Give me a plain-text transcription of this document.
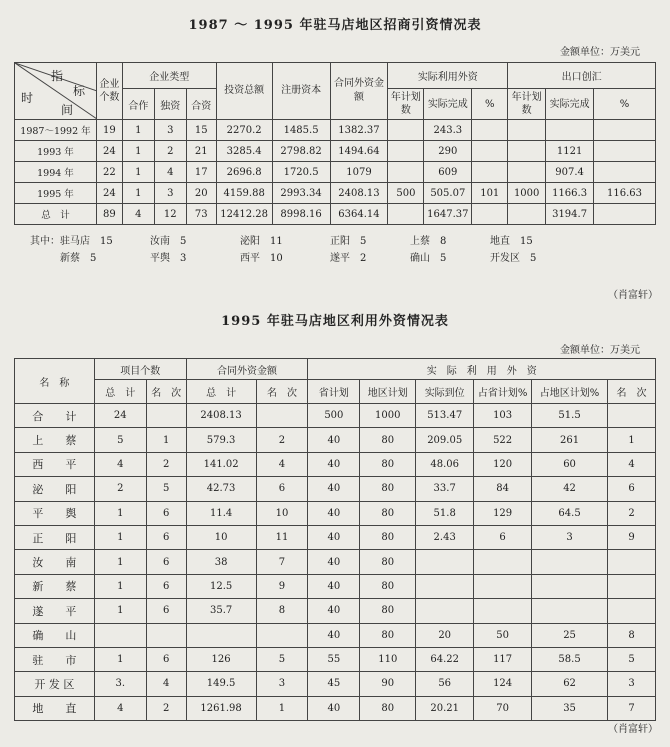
1987 ～ 1995 年驻马店地区招商引资情况表
金额单位：万美元
指
标
时
间	企业个数	企业类型			投资总额	注册资本	合同外资金额	实际利用外资			出口创汇		
		合作	独资	合资				年计划数	实际完成	%	年计划数	实际完成	%
1987～1992 年	19	1	3	15	2270.2	1485.5	1382.37		243.3				
1993 年	24	1	2	21	3285.4	2798.82	1494.64		290			1121	
1994 年	22	1	4	17	2696.8	1720.5	1079		609			907.4	
1995 年	24	1	3	20	4159.88	2993.34	2408.13	500	505.07	101	1000	1166.3	116.63
总　计	89	4	12	73	12412.28	8998.16	6364.14		1647.37			3194.7	
其中：驻马店　15	汝南　5	泌阳　11	正阳　5	上蔡　8	地直　15
新蔡　5	平舆　3	西平　10	遂平　2	确山　5	开发区　5
（肖富轩）
1995 年驻马店地区利用外资情况表
金额单位：万美元
名　称	项目个数		合同外资金额		实　际　利　用　外　资					
	总　计	名　次	总　计	名　次	省计划	地区计划	实际到位	占省计划%	占地区计划%	名　次
合　　计	24		2408.13		500	1000	513.47	103	51.5	
上　　蔡	5	1	579.3	2	40	80	209.05	522	261	1
西　　平	4	2	141.02	4	40	80	48.06	120	60	4
泌　　阳	2	5	42.73	6	40	80	33.7	84	42	6
平　　舆	1	6	11.4	10	40	80	51.8	129	64.5	2
正　　阳	1	6	10	11	40	80	2.43	6	3	9
汝　　南	1	6	38	7	40	80				
新　　蔡	1	6	12.5	9	40	80				
遂　　平	1	6	35.7	8	40	80				
确　　山					40	80	20	50	25	8
驻　　市	1	6	126	5	55	110	64.22	117	58.5	5
开 发 区	3.	4	149.5	3	45	90	56	124	62	3
地　　直	4	2	1261.98	1	40	80	20.21	70	35	7
（肖富轩）
